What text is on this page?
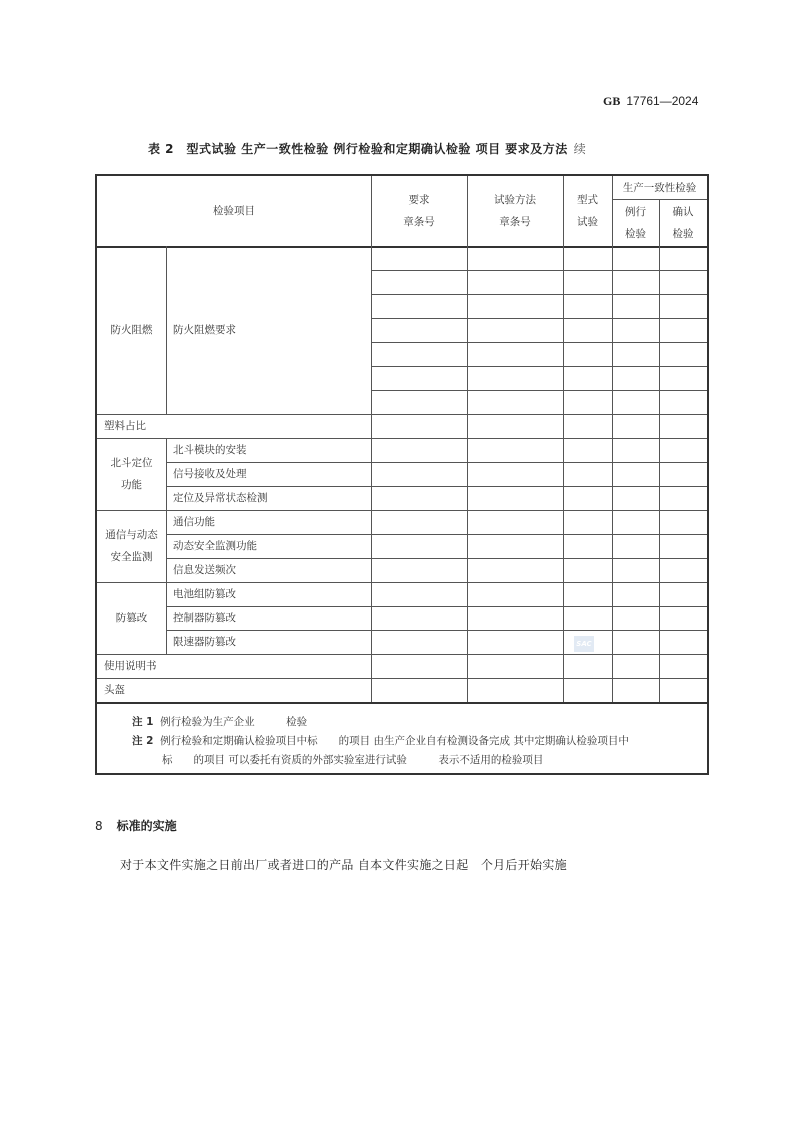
GB 17761—2024
表 2　型式试验 生产一致性检验 例行检验和定期确认检验 项目 要求及方法 续
检验项目
要求
章条号
试验方法
章条号
型式
试验
生产一致性检验
例行
检验
确认
检验
防火阻燃	防火阻燃要求
塑料占比
北斗定位
功能
北斗模块的安装
信号接收及处理
定位及异常状态检测
通信与动态
安全监测
通信功能
动态安全监测功能
信息发送频次
防篡改
电池组防篡改
控制器防篡改
限速器防篡改
使用说明书
头盔
注 1 例行检验为生产企业　　　检验
注 2 例行检验和定期确认检验项目中标　　的项目 由生产企业自有检测设备完成 其中定期确认检验项目中
标　　的项目 可以委托有资质的外部实验室进行试验　　　表示不适用的检验项目
SAC
8 标准的实施
对于本文件实施之日前出厂或者进口的产品 自本文件实施之日起　个月后开始实施
